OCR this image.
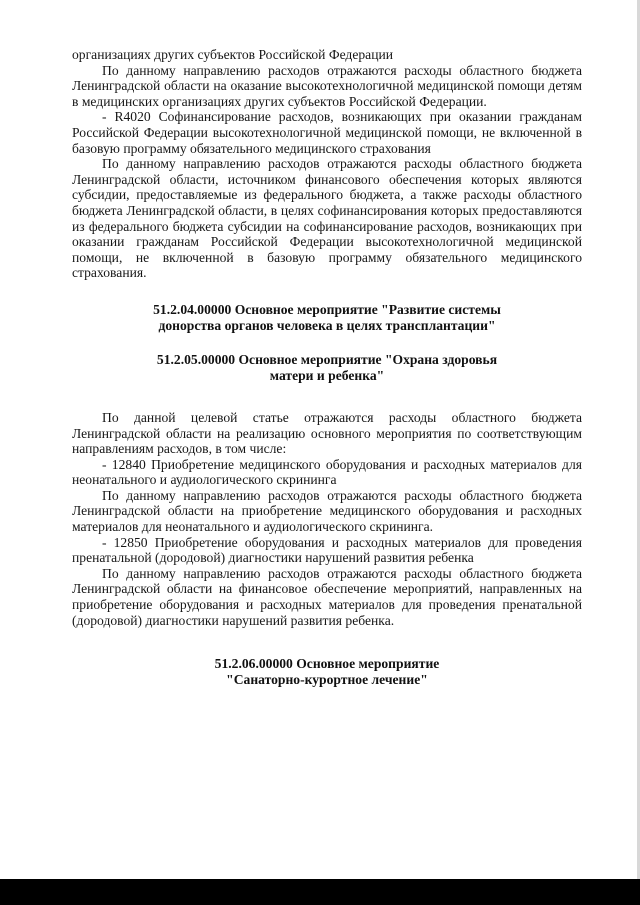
организациях других субъектов Российской Федерации

По данному направлению расходов отражаются расходы областного бюджета Ленинградской области на оказание высокотехнологичной медицинской помощи детям в медицинских организациях других субъектов Российской Федерации.

- R4020 Софинансирование расходов, возникающих при оказании гражданам Российской Федерации высокотехнологичной медицинской помощи, не включенной в базовую программу обязательного медицинского страхования

По данному направлению расходов отражаются расходы областного бюджета Ленинградской области, источником финансового обеспечения которых являются субсидии, предоставляемые из федерального бюджета, а также расходы областного бюджета Ленинградской области, в целях софинансирования которых предоставляются из федерального бюджета субсидии на софинансирование расходов, возникающих при оказании гражданам Российской Федерации высокотехнологичной медицинской помощи, не включенной в базовую программу обязательного медицинского страхования.

51.2.04.00000 Основное мероприятие "Развитие системы
донорства органов человека в целях трансплантации"
51.2.05.00000 Основное мероприятие "Охрана здоровья
матери и ребенка"

По данной целевой статье отражаются расходы областного бюджета Ленинградской области на реализацию основного мероприятия по соответствующим направлениям расходов, в том числе:

- 12840 Приобретение медицинского оборудования и расходных материалов для неонатального и аудиологического скрининга

По данному направлению расходов отражаются расходы областного бюджета Ленинградской области на приобретение медицинского оборудования и расходных материалов для неонатального и аудиологического скрининга.

- 12850 Приобретение оборудования и расходных материалов для проведения пренатальной (дородовой) диагностики нарушений развития ребенка

По данному направлению расходов отражаются расходы областного бюджета Ленинградской области на финансовое обеспечение мероприятий, направленных на приобретение оборудования и расходных материалов для проведения пренатальной (дородовой) диагностики нарушений развития ребенка.

51.2.06.00000 Основное мероприятие
"Санаторно-курортное лечение"
